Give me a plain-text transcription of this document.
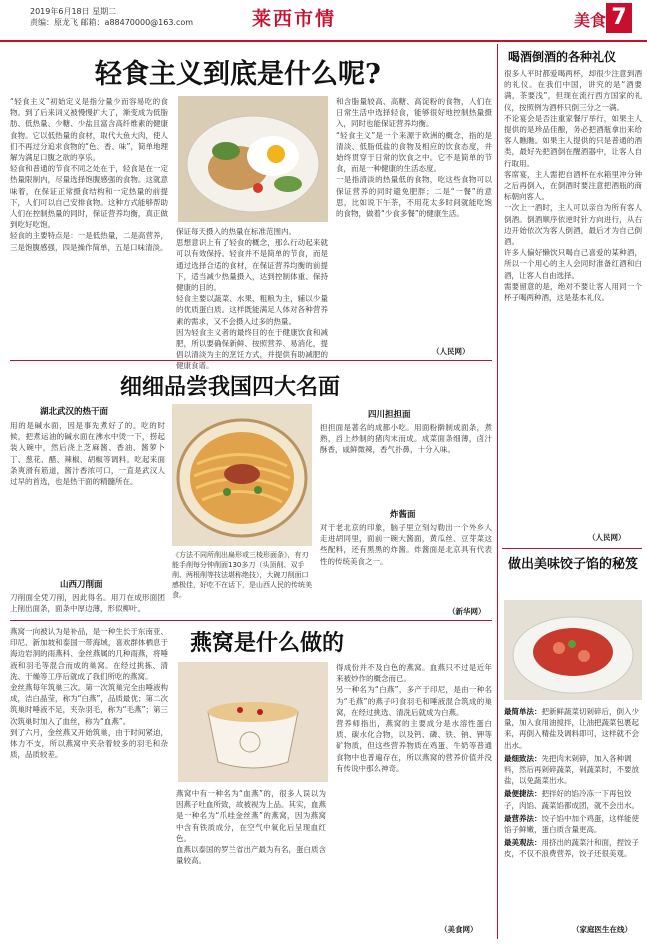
2019年6月18日 星期二
责编：原龙飞 邮箱：a88470000@163.com	莱西市情	美食 7
轻食主义到底是什么呢?
“轻食主义”初始定义是指分量少而容易吃的食物。到了后来词义被慢慢扩大了，渐变成为低脂肪、低热量、少糖、少盐且富含高纤维素的健康食物。它以低热量的食材，取代大鱼大肉，使人们不再过分追求食物的“色、香、味”，简单地理解为满足口腹之欲的享乐。
轻食和普通的节食不同之处在于，轻食是在一定热量限制内，尽量选择饱腹感强的食物。这就意味着，在保证正常摄食结构和一定热量的前提下，人们可以自己安排食物。这种方式能够帮助人们在控制热量的同时，保证营养均衡，真正做到吃好吃饱。
轻食的主要特点是：一是低热量，二是高营养，三是饱腹感强，四是操作简单，五是口味清淡。
保证每天摄入的热量在标准范围内。
思想意识上有了轻食的概念，那么行动起来就可以有效保持。轻食并不是简单的节食，而是通过选择合适的食材，在保证营养均衡的前提下，适当减少热量摄入，达到控制体重、保持健康的目的。
轻食主要以蔬菜、水果、粗粮为主，辅以少量的优质蛋白质。这样既能满足人体对各种营养素的需求，又不会摄入过多的热量。
因为轻食主义者的最终目的在于健康饮食和减肥，所以要确保新鲜、按照营养、易消化，提倡以清淡为主的烹饪方式，并提供有助减肥的健康食谱。
和含脂量较高、高糖、高淀粉的食物，人们在日常生活中选择轻食，能够很好地控制热量摄入，同时也能保证营养均衡。
“轻食主义”是一个来源于欧洲的概念，指的是清淡、低脂低盐的食物及相应的饮食态度，并始终贯穿于日常的饮食之中。它不是简单的节食，而是一种健康的生活态度。
一是指清淡的热量低的食物，吃这些食物可以保证营养的同时避免肥胖；二是“一餐”的意思，比如说下午茶，不用花太多时间就能吃饱的食物，做着“少食多餐”的健康生活。
（人民网）
细细品尝我国四大名面
湖北武汉的热干面
用的是碱水面，因是事先煮好了的。吃的时候，把煮运油的碱水面在沸水中烫一下，捞起装入碗中，然后浇上芝麻酱、香油、酱萝卜丁、葱花、醋、辣椒、胡椒等调料。吃起来面条爽滑有筋道，酱汁香浓可口，一直是武汉人过早的首选，也是热干面的精髓所在。
山西刀削面
刀削面全凭刀削，因此得名。用刀在成形面团上削出面条，面条中厚边薄，形似柳叶。
《方法不同所削出扁形或三棱形面条》，有刃能手削每分钟削面130多刀（头顶削、双手削、两根削等技法堪称绝技），大碗刀削面口感极佳，好吃不在话下，是山西人民的传统美食。
四川担担面
担担面是著名的成都小吃。用面粉擀制成面条，煮熟，舀上炒制的猪肉末而成。成菜面条细薄，卤汁酥香，咸鲜微辣，香气扑鼻，十分入味。
炸酱面
对于老北京的印象，脑子里立刻勾勒出一个外乡人走进胡同里，面前一碗大酱面，黄瓜丝、豆芽菜这些配料，还有黑黑的炸酱。炸酱面是北京具有代表性的传统美食之一。
（新华网）
燕窝一向被认为是补品，是一种生长于东南亚、印尼、新加坡和泰国一带海域，喜欢群体栖息于海边岩洞的雨燕科、金丝燕属的几种雨燕，将唾液和羽毛等混合而成的巢窝。在经过挑拣、清洗、干燥等工序后就成了我们所吃的燕窝。
金丝燕每年筑巢三次。第一次筑巢完全由唾液构成，洁白晶莹，称为“白燕”，品质最优；第二次筑巢时唾液不足，夹杂羽毛，称为“毛燕”；第三次筑巢时加入了血丝，称为“血燕”。
到了六月，金丝燕又开始筑巢，由于时间紧迫，体力不支，所以燕窝中夹杂着较多的羽毛和杂质，品质较差。
燕窝是什么做的
燕窝中有一种名为“血燕”的，很多人误以为因燕子吐血所致，故被视为上品。其实，血燕是一种名为“爪哇金丝燕”的燕窝，因为燕窝中含有铁质成分，在空气中氧化后呈现血红色。
血燕以泰国的罗兰省出产最为有名，蛋白质含量较高。
得成份并不及白色的燕窝。血燕只不过是近年来被炒作的概念而已。
另一种名为“白燕”，多产于印尼，是由一种名为“毛燕”的燕子叼食羽毛和唾液混合筑成的巢窝，在经过挑选、清洗后就成为白燕。
营养师指出，燕窝的主要成分是水溶性蛋白质、碳水化合物，以及钙、磷、铁、钠、钾等矿物质，但这些营养物质在鸡蛋、牛奶等普通食物中也普遍存在，所以燕窝的营养价值并没有传说中那么神奇。
（美食网）
喝酒倒酒的各种礼仪
很多人平时都爱喝两杯，却很少注意到酒的礼仪。在我们中国，讲究的是“酒要满，茶要浅”，但现在流行西方国家的礼仪，按照例为酒杯只倒三分之一满。
不论宴会是否注重家餐厅举行，如果主人提供的是珍品佳酿，务必把酒瓶拿出来给客人瞧瞧。如果主人提供的只是普通的酒类，最好先把酒倒在醒酒器中，让客人自行取用。
客席宴，主人需把自酒杯在水箱里冲分钟之后再倒入，在倒酒时要注意把酒瓶的商标朝向客人。
一次上一酒时，主人可以亲自为所有客人倒酒。倒酒顺序依逆时针方向进行，从右边开始依次为客人倒酒，最后才为自己倒酒。
许多人偏好懒饮只喝自己喜爱的某种酒，所以一个用心的主人会同时准备红酒和白酒，让客人自由选择。
需要留意的是，绝对不要让客人用同一个杯子喝两种酒，这是基本礼仪。
（人民网）
做出美味饺子馅的秘笈
最简单法：把新鲜蔬菜切剁碎后，倒入少量，加入食用油搅拌，让油把蔬菜包裹起来，再倒入精盐及调料即可，这样就不会出水。
最细致法：先把肉末剁碎，加入各种调料，然后再剁碎蔬菜，剁蔬菜时，不要放盐，以免蔬菜出水。
最便捷法：把拌好的馅冷冻一下再包饺子，肉馅、蔬菜馅都成团，就不会出水。
最营养法：饺子馅中加个鸡蛋，这样能使馅子鲜嫩，蛋白质含量更高。
最美观法：用挤出的蔬菜汁和面，捏饺子皮，不仅不浪费营养，饺子还很美观。
（家庭医生在线）
